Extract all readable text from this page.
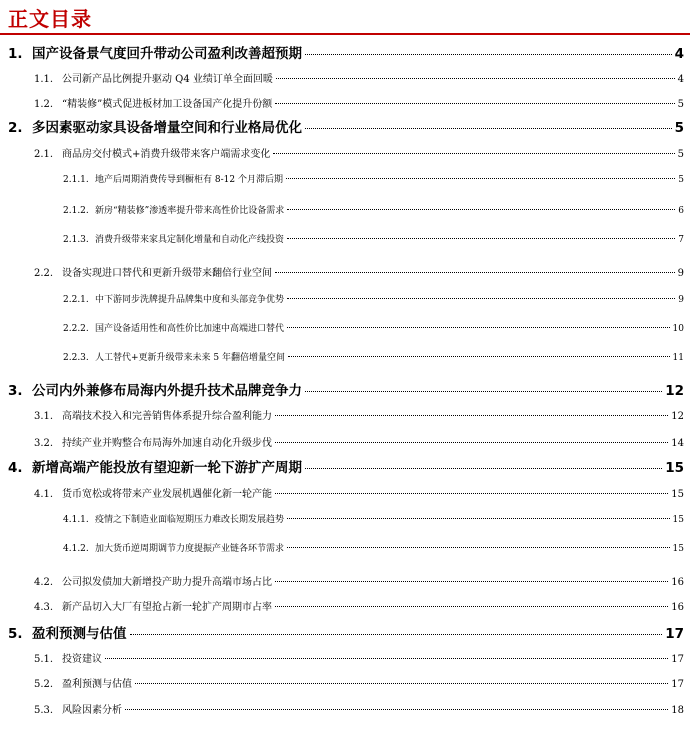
正文目录
1. 国产设备景气度回升带动公司盈利改善超预期	4
1.1. 公司新产品比例提升驱动 Q4 业绩订单全面回暖	4
1.2. “精装修”模式促进板材加工设备国产化提升份额	5
2. 多因素驱动家具设备增量空间和行业格局优化	5
2.1. 商品房交付模式+消费升级带来客户端需求变化	5
2.1.1. 地产后周期消费传导到橱柜有 8-12 个月滞后期	5
2.1.2. 新房“精装修”渗透率提升带来高性价比设备需求	6
2.1.3. 消费升级带来家具定制化增量和自动化产线投资	7
2.2. 设备实现进口替代和更新升级带来翻倍行业空间	9
2.2.1. 中下游同步洗牌提升品牌集中度和头部竞争优势	9
2.2.2. 国产设备适用性和高性价比加速中高端进口替代	10
2.2.3. 人工替代+更新升级带来未来 5 年翻倍增量空间	11
3. 公司内外兼修布局海内外提升技术品牌竞争力	12
3.1. 高端技术投入和完善销售体系提升综合盈利能力	12
3.2. 持续产业并购整合布局海外加速自动化升级步伐	14
4. 新增高端产能投放有望迎新一轮下游扩产周期	15
4.1. 货币宽松或将带来产业发展机遇催化新一轮产能	15
4.1.1. 疫情之下制造业面临短期压力难改长期发展趋势	15
4.1.2. 加大货币逆周期调节力度提振产业链各环节需求	15
4.2. 公司拟发债加大新增投产助力提升高端市场占比	16
4.3. 新产品切入大厂有望抢占新一轮扩产周期市占率	16
5. 盈利预测与估值	17
5.1. 投资建议	17
5.2. 盈利预测与估值	17
5.3. 风险因素分析	18
